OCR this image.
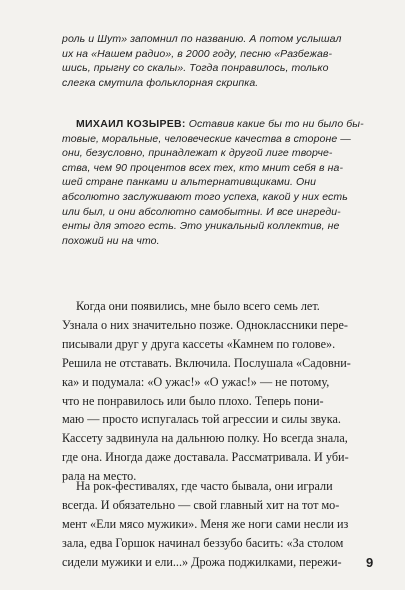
роль и Шут» запомнил по названию. А потом услышал
их на «Нашем радио», в 2000 году, песню «Разбежав-
шись, прыгну со скалы». Тогда понравилось, только
слегка смутила фольклорная скрипка.
МИХАИЛ КОЗЫРЕВ: Оставив какие бы то ни было бы-
товые, моральные, человеческие качества в стороне —
они, безусловно, принадлежат к другой лиге творче-
ства, чем 90 процентов всех тех, кто мнит себя в на-
шей стране панками и альтернативщиками. Они
абсолютно заслуживают того успеха, какой у них есть
или был, и они абсолютно самобытны. И все ингреди-
енты для этого есть. Это уникальный коллектив, не
похожий ни на что.
Когда они появились, мне было всего семь лет.
Узнала о них значительно позже. Одноклассники пере-
писывали друг у друга кассеты «Камнем по голове».
Решила не отставать. Включила. Послушала «Садовни-
ка» и подумала: «О ужас!» «О ужас!» — не потому,
что не понравилось или было плохо. Теперь пони-
маю — просто испугалась той агрессии и силы звука.
Кассету задвинула на дальнюю полку. Но всегда знала,
где она. Иногда даже доставала. Рассматривала. И уби-
рала на место.
На рок-фестивалях, где часто бывала, они играли
всегда. И обязательно — свой главный хит на тот мо-
мент «Ели мясо мужики». Меня же ноги сами несли из
зала, едва Горшок начинал беззубо басить: «За столом
сидели мужики и ели...» Дрожа поджилками, пережи-	9
